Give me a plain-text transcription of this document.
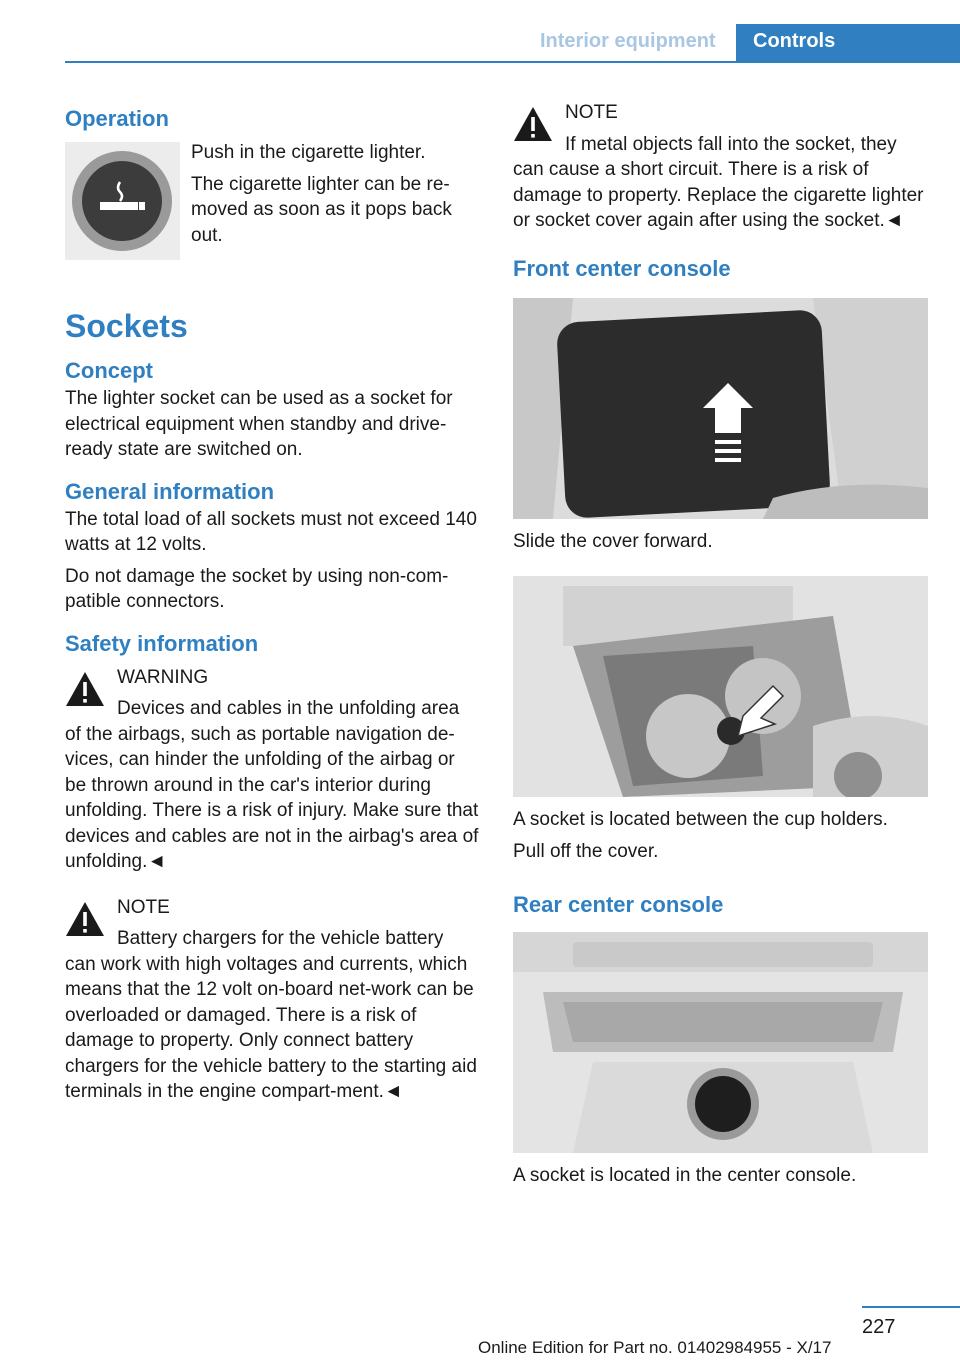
Interior equipment Controls
Operation

Push in the cigarette lighter.

The cigarette lighter can be re‐moved as soon as it pops back out.

Sockets
Concept

The lighter socket can be used as a socket for electrical equipment when standby and drive-ready state are switched on.

General information

The total load of all sockets must not exceed 140 watts at 12 volts.

Do not damage the socket by using non-com‐patible connectors.

Safety information

WARNING

Devices and cables in the unfolding area of the airbags, such as portable navigation de‐vices, can hinder the unfolding of the airbag or be thrown around in the car's interior during unfolding. There is a risk of injury. Make sure that devices and cables are not in the airbag's area of unfolding.◄

NOTE

Battery chargers for the vehicle battery can work with high voltages and currents, which means that the 12 volt on-board net‐work can be overloaded or damaged. There is a risk of damage to property. Only connect battery chargers for the vehicle battery to the starting aid terminals in the engine compart‐ment.◄

NOTE

If metal objects fall into the socket, they can cause a short circuit. There is a risk of damage to property. Replace the cigarette lighter or socket cover again after using the socket.◄

Front center console

Slide the cover forward.

A socket is located between the cup holders.

Pull off the cover.

Rear center console

A socket is located in the center console.

227
Online Edition for Part no. 01402984955 - X/17
